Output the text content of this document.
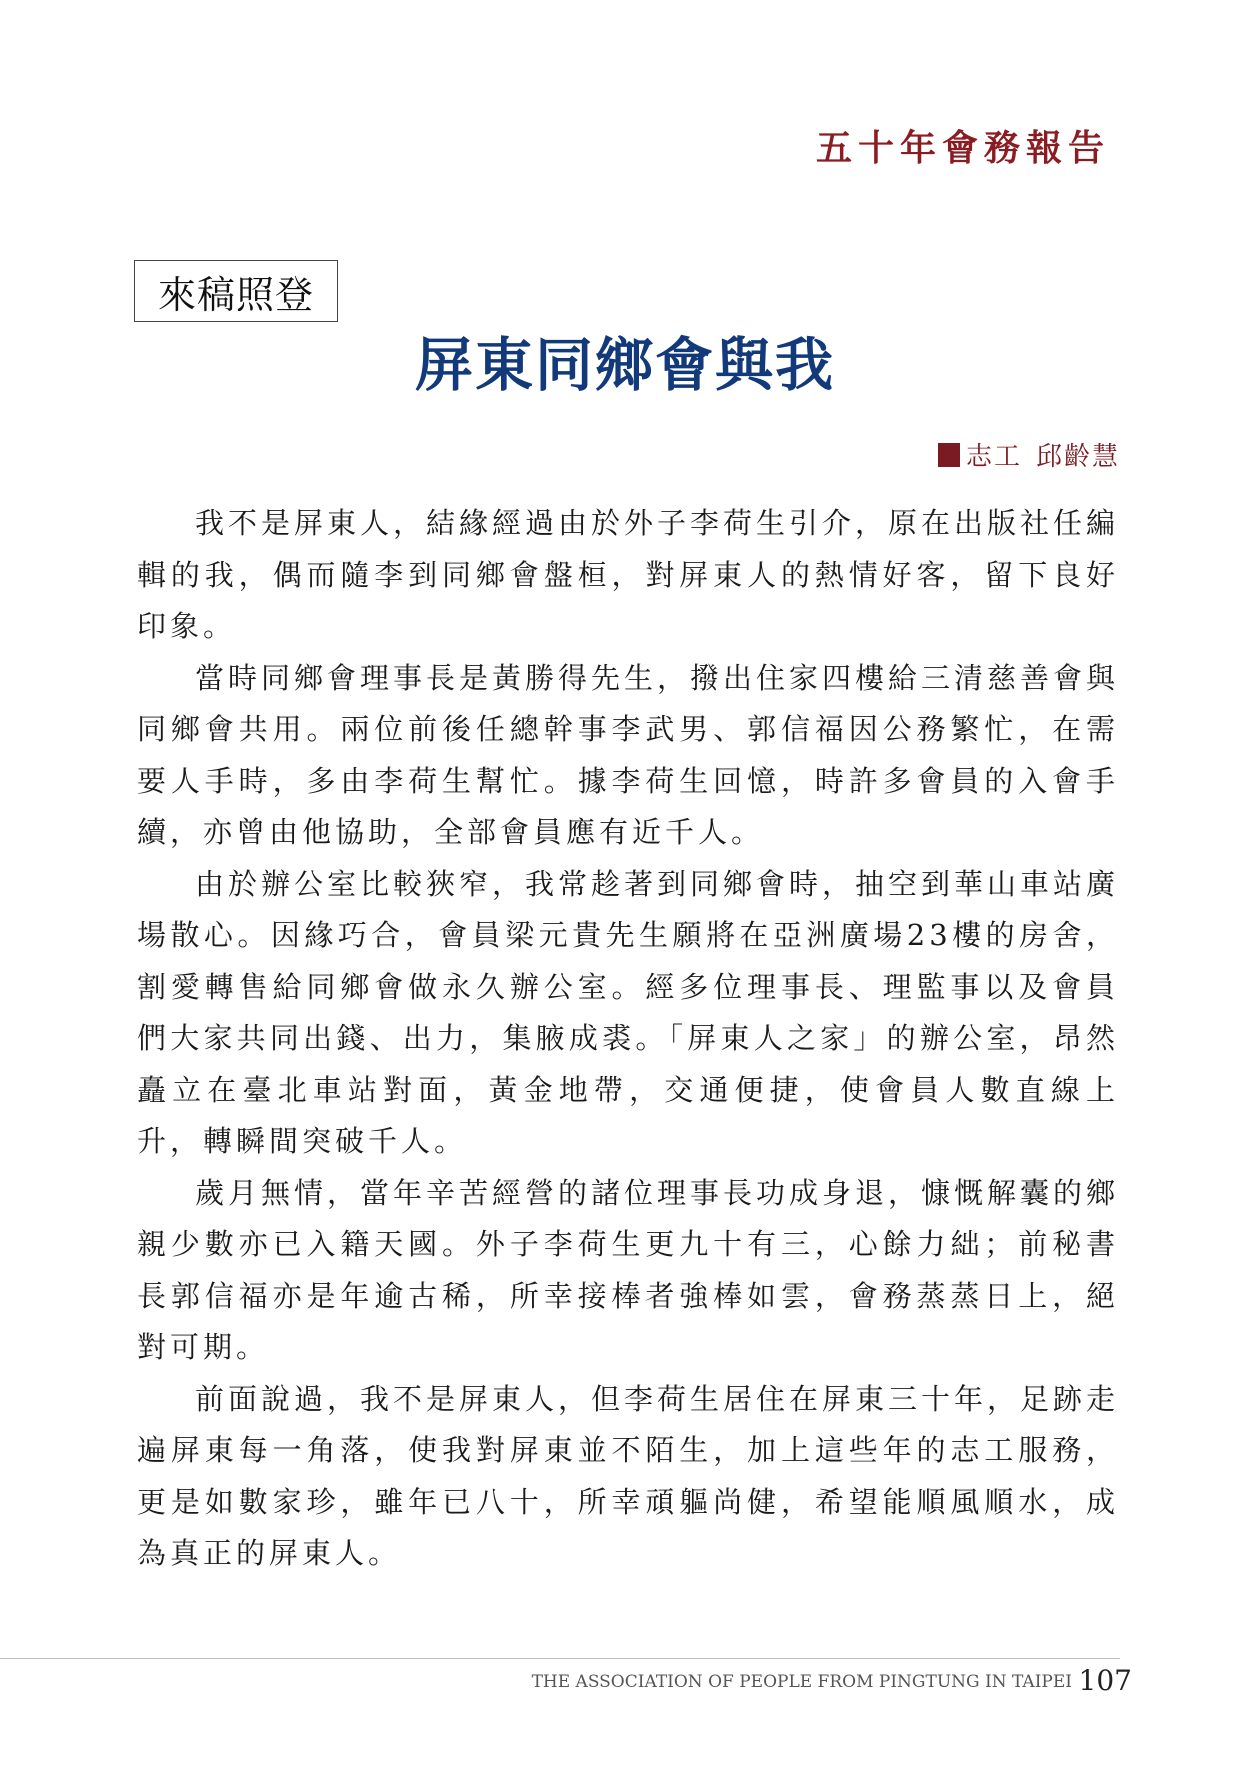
五十年會務報告
來稿照登
屏東同鄉會與我
志工 邱齡慧

我不是屏東人，結緣經過由於外子李荷生引介，原在出版社任編輯的我，偶而隨李到同鄉會盤桓，對屏東人的熱情好客，留下良好印象。

當時同鄉會理事長是黃勝得先生，撥出住家四樓給三清慈善會與同鄉會共用。兩位前後任總幹事李武男、郭信福因公務繁忙，在需要人手時，多由李荷生幫忙。據李荷生回憶，時許多會員的入會手續，亦曾由他協助，全部會員應有近千人。

由於辦公室比較狹窄，我常趁著到同鄉會時，抽空到華山車站廣場散心。因緣巧合，會員梁元貴先生願將在亞洲廣場23樓的房舍，割愛轉售給同鄉會做永久辦公室。經多位理事長、理監事以及會員們大家共同出錢、出力，集腋成裘。「屏東人之家」的辦公室，昂然矗立在臺北車站對面，黃金地帶，交通便捷，使會員人數直線上升，轉瞬間突破千人。

歲月無情，當年辛苦經營的諸位理事長功成身退，慷慨解囊的鄉親少數亦已入籍天國。外子李荷生更九十有三，心餘力絀；前秘書長郭信福亦是年逾古稀，所幸接棒者強棒如雲，會務蒸蒸日上，絕對可期。

前面說過，我不是屏東人，但李荷生居住在屏東三十年，足跡走遍屏東每一角落，使我對屏東並不陌生，加上這些年的志工服務，更是如數家珍，雖年已八十，所幸頑軀尚健，希望能順風順水，成為真正的屏東人。

THE ASSOCIATION OF PEOPLE FROM PINGTUNG IN TAIPEI 107
